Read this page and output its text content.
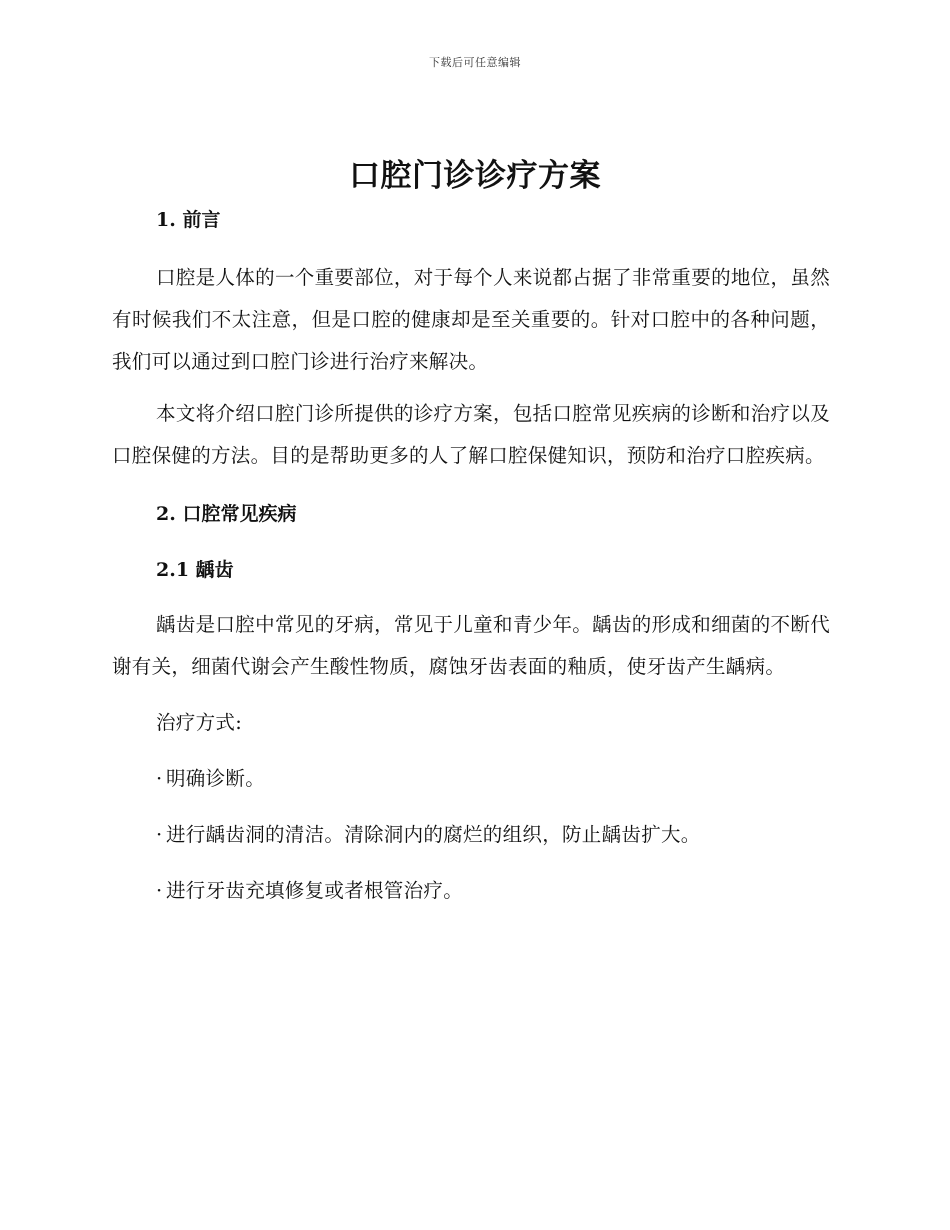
下载后可任意编辑
口腔门诊诊疗方案

1. 前言

口腔是人体的一个重要部位，对于每个人来说都占据了非常重要的地位，虽然有时候我们不太注意，但是口腔的健康却是至关重要的。针对口腔中的各种问题，我们可以通过到口腔门诊进行治疗来解决。

本文将介绍口腔门诊所提供的诊疗方案，包括口腔常见疾病的诊断和治疗以及口腔保健的方法。目的是帮助更多的人了解口腔保健知识，预防和治疗口腔疾病。

2. 口腔常见疾病

2.1 龋齿

龋齿是口腔中常见的牙病，常见于儿童和青少年。龋齿的形成和细菌的不断代谢有关，细菌代谢会产生酸性物质，腐蚀牙齿表面的釉质，使牙齿产生龋病。

治疗方式:

· 明确诊断。

· 进行龋齿洞的清洁。清除洞内的腐烂的组织，防止龋齿扩大。

· 进行牙齿充填修复或者根管治疗。
